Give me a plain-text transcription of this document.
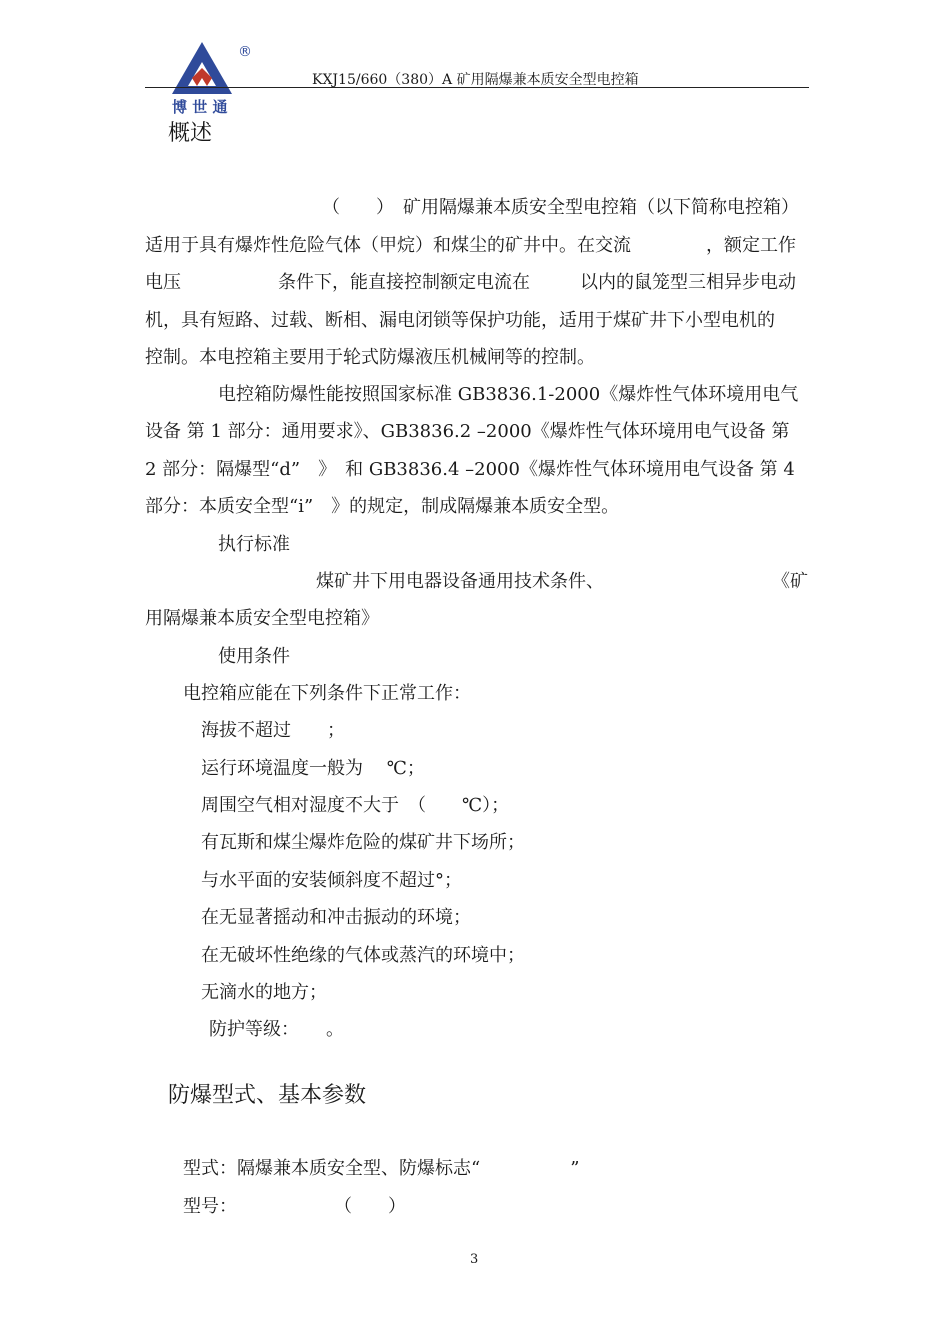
®
博 世 通
KXJ15/660（380）A 矿用隔爆兼本质安全型电控箱
概述
（　　）　矿用隔爆兼本质安全型电控箱（以下简称电控箱）
适用于具有爆炸性危险气体（甲烷）和煤尘的矿井中。在交流	，额定工作
电压	条件下，能直接控制额定电流在	以内的鼠笼型三相异步电动
机，具有短路、过载、断相、漏电闭锁等保护功能，适用于煤矿井下小型电机的
控制。本电控箱主要用于轮式防爆液压机械闸等的控制。
电控箱防爆性能按照国家标准 GB3836.1-2000《爆炸性气体环境用电气
设备 第 1 部分：通用要求》、GB3836.2 –2000《爆炸性气体环境用电气设备 第
2 部分：隔爆型“d”　》　和 GB3836.4 –2000《爆炸性气体环境用电气设备 第 4
部分：本质安全型“i”　》的规定，制成隔爆兼本质安全型。
执行标准
煤矿井下用电器设备通用技术条件、	《矿
用隔爆兼本质安全型电控箱》
使用条件
电控箱应能在下列条件下正常工作：
海拔不超过　　；
运行环境温度一般为　 ℃；
周围空气相对湿度不大于　（　　℃）；
有瓦斯和煤尘爆炸危险的煤矿井下场所；
与水平面的安装倾斜度不超过°；
在无显著摇动和冲击振动的环境；
在无破坏性绝缘的气体或蒸汽的环境中；
无滴水的地方；
防护等级：　　。
防爆型式、基本参数
型式：隔爆兼本质安全型、防爆标志“　　　　　”
型号：	（　　）
3
